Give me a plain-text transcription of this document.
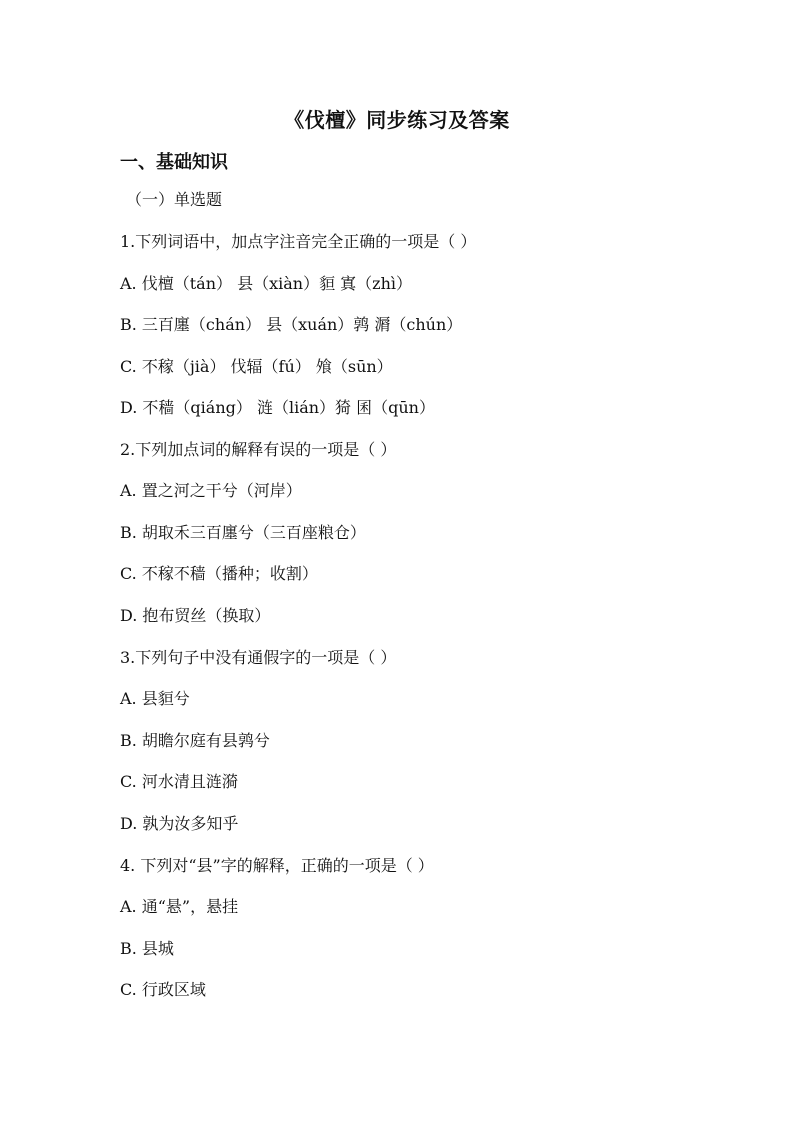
《伐檀》同步练习及答案
一、基础知识
（一）单选题
1.下列词语中，加点字注音完全正确的一项是（ ）
A. 伐檀（tán） 县（xiàn）貆 寘（zhì）
B. 三百廛（chán） 县（xuán）鹑 漘（chún）
C. 不稼（jià） 伐辐（fú） 飧（sūn）
D. 不穑（qiáng） 涟（lián）猗 囷（qūn）
2.下列加点词的解释有误的一项是（ ）
A. 置之河之干兮（河岸）
B. 胡取禾三百廛兮（三百座粮仓）
C. 不稼不穑（播种；收割）
D. 抱布贸丝（换取）
3.下列句子中没有通假字的一项是（ ）
A. 县貆兮
B. 胡瞻尔庭有县鹑兮
C. 河水清且涟漪
D. 孰为汝多知乎
4. 下列对“县”字的解释，正确的一项是（ ）
A. 通“悬”，悬挂
B. 县城
C. 行政区域
